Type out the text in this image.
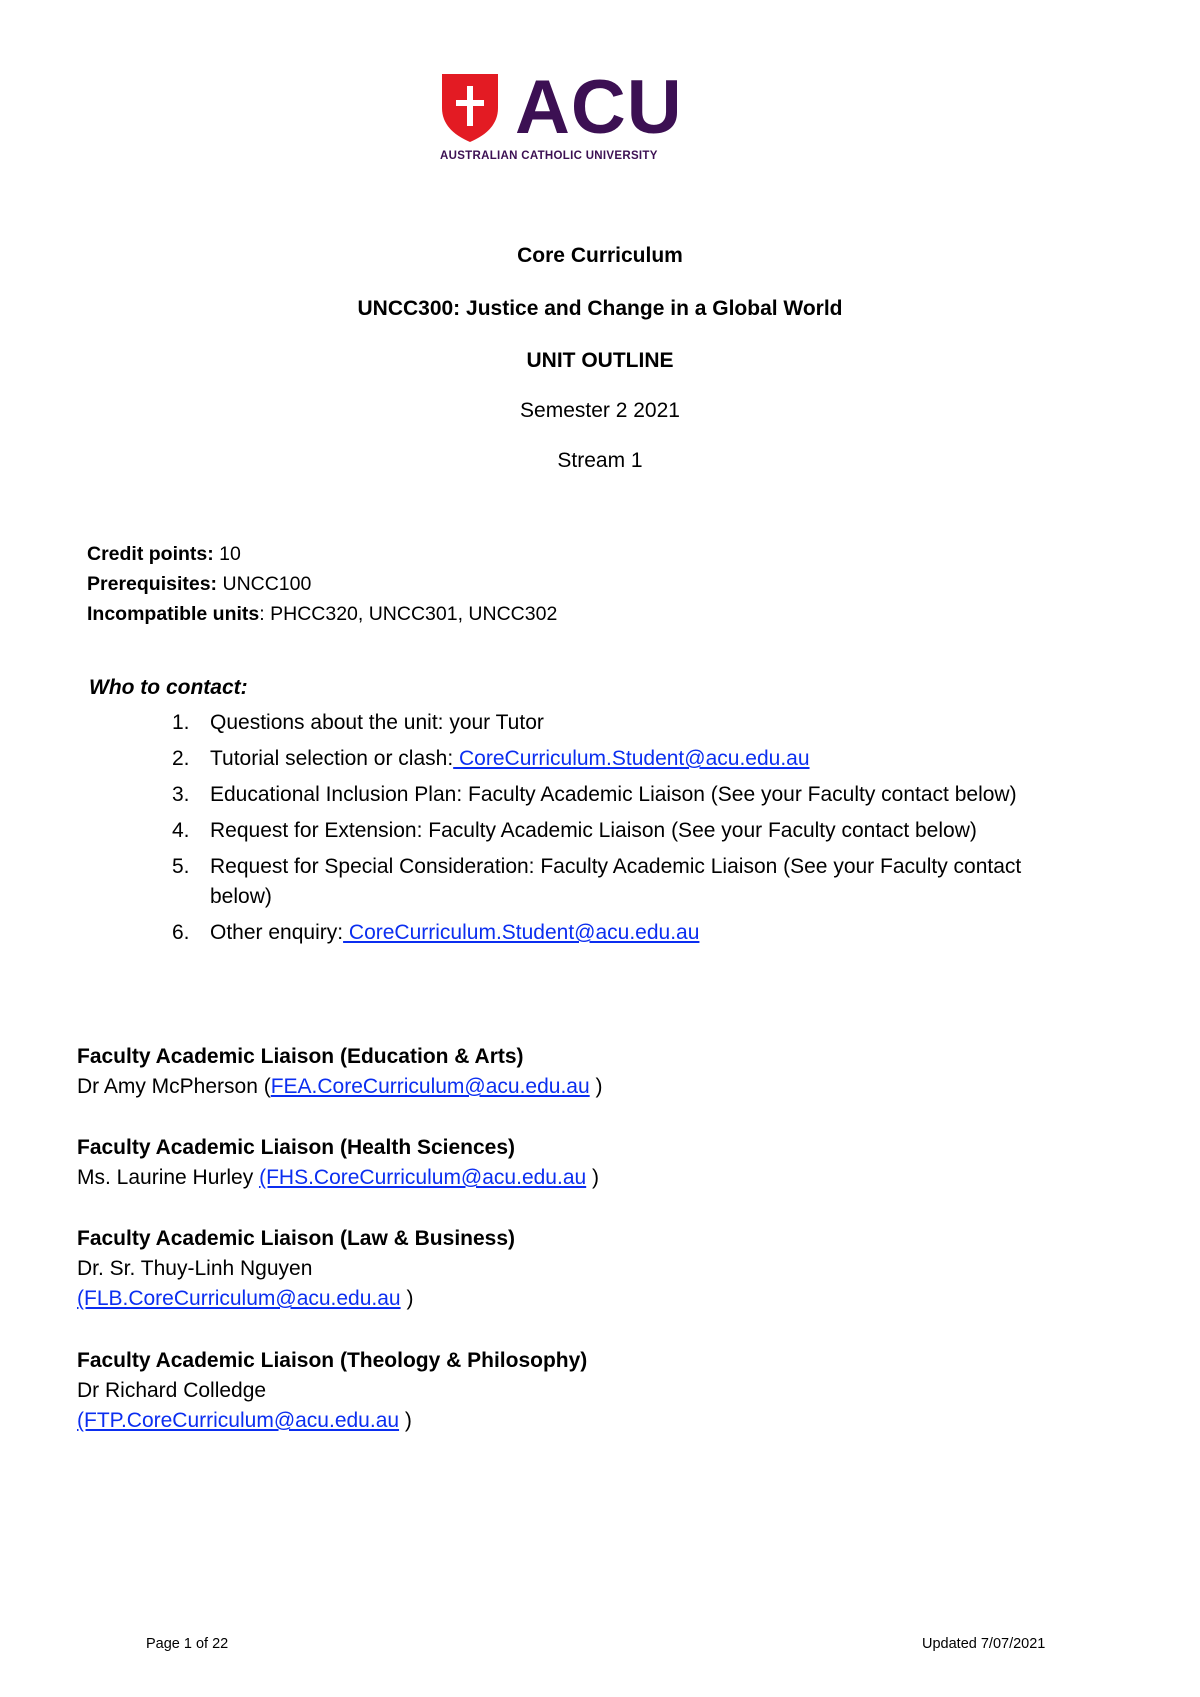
ACU
AUSTRALIAN CATHOLIC UNIVERSITY
Core Curriculum
UNCC300: Justice and Change in a Global World
UNIT OUTLINE
Semester 2 2021
Stream 1
Credit points: 10
Prerequisites: UNCC100
Incompatible units: PHCC320, UNCC301, UNCC302
Who to contact:
1. Questions about the unit: your Tutor
2. Tutorial selection or clash: CoreCurriculum.Student@acu.edu.au
3. Educational Inclusion Plan: Faculty Academic Liaison (See your Faculty contact below)
4. Request for Extension: Faculty Academic Liaison (See your Faculty contact below)
5. Request for Special Consideration: Faculty Academic Liaison (See your Faculty contact below)
6. Other enquiry: CoreCurriculum.Student@acu.edu.au
Faculty Academic Liaison (Education & Arts)
Dr Amy McPherson (FEA.CoreCurriculum@acu.edu.au )
Faculty Academic Liaison (Health Sciences)
Ms. Laurine Hurley (FHS.CoreCurriculum@acu.edu.au )
Faculty Academic Liaison (Law & Business)
Dr. Sr. Thuy-Linh Nguyen
(FLB.CoreCurriculum@acu.edu.au )
Faculty Academic Liaison (Theology & Philosophy)
Dr Richard Colledge
(FTP.CoreCurriculum@acu.edu.au )
Page 1 of 22	Updated 7/07/2021
